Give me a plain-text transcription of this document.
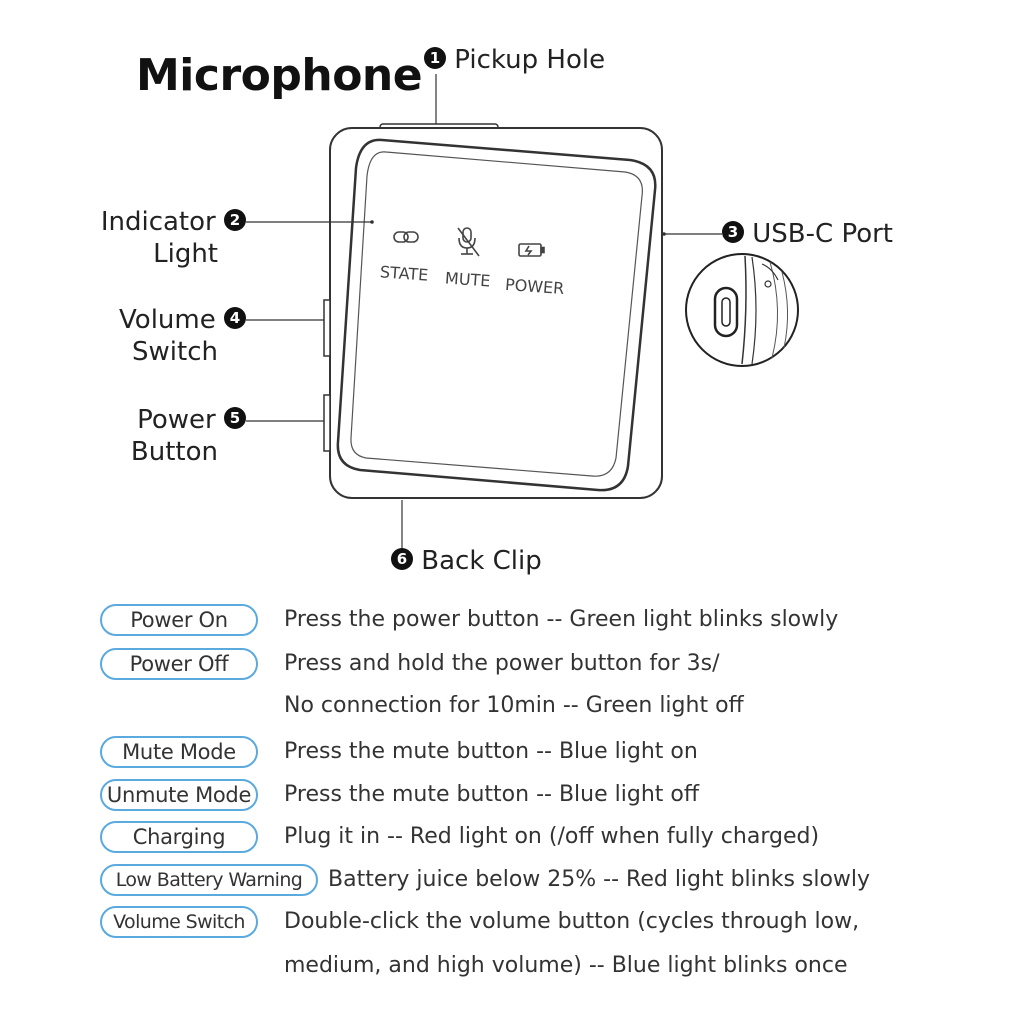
Microphone
STATE MUTE POWER
1 Pickup Hole
Indicator 2
Light
3 USB-C Port
Volume 4
Switch
Power 5
Button
6 Back Clip
Power On	Press the power button -- Green light blinks slowly
Power Off	Press and hold the power button for 3s/
No connection for 10min -- Green light off
Mute Mode	Press the mute button -- Blue light on
Unmute Mode	Press the mute button -- Blue light off
Charging	Plug it in -- Red light on (/off when fully charged)
Low Battery Warning	Battery juice below 25% -- Red light blinks slowly
Volume Switch	Double-click the volume button (cycles through low,
medium, and high volume) -- Blue light blinks once
